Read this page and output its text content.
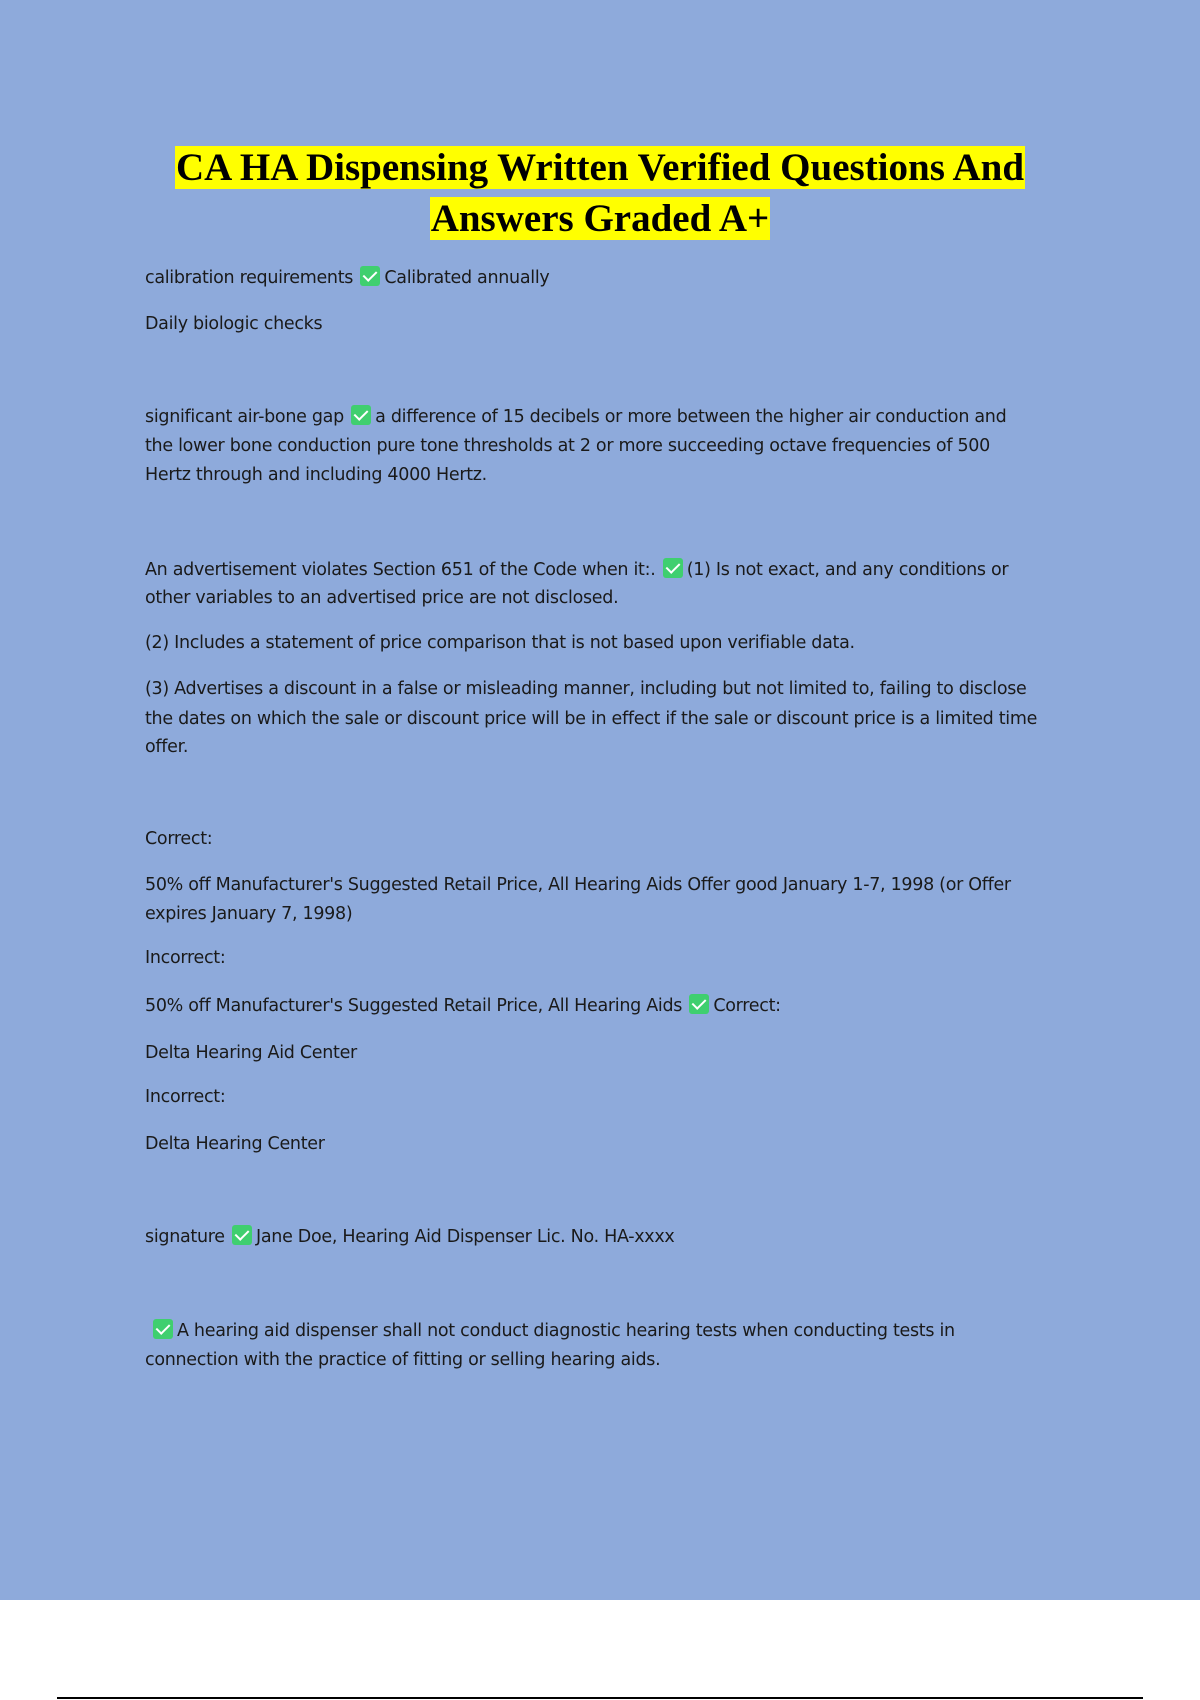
CA HA Dispensing Written Verified Questions And
Answers Graded A+
calibration requirements Calibrated annually
Daily biologic checks
significant air-bone gap a difference of 15 decibels or more between the higher air conduction and
the lower bone conduction pure tone thresholds at 2 or more succeeding octave frequencies of 500
Hertz through and including 4000 Hertz.
An advertisement violates Section 651 of the Code when it:. (1) Is not exact, and any conditions or
other variables to an advertised price are not disclosed.
(2) Includes a statement of price comparison that is not based upon verifiable data.
(3) Advertises a discount in a false or misleading manner, including but not limited to, failing to disclose
the dates on which the sale or discount price will be in effect if the sale or discount price is a limited time
offer.
Correct:
50% off Manufacturer's Suggested Retail Price, All Hearing Aids Offer good January 1-7, 1998 (or Offer
expires January 7, 1998)
Incorrect:
50% off Manufacturer's Suggested Retail Price, All Hearing Aids Correct:
Delta Hearing Aid Center
Incorrect:
Delta Hearing Center
signature Jane Doe, Hearing Aid Dispenser Lic. No. HA-xxxx
A hearing aid dispenser shall not conduct diagnostic hearing tests when conducting tests in
connection with the practice of fitting or selling hearing aids.
